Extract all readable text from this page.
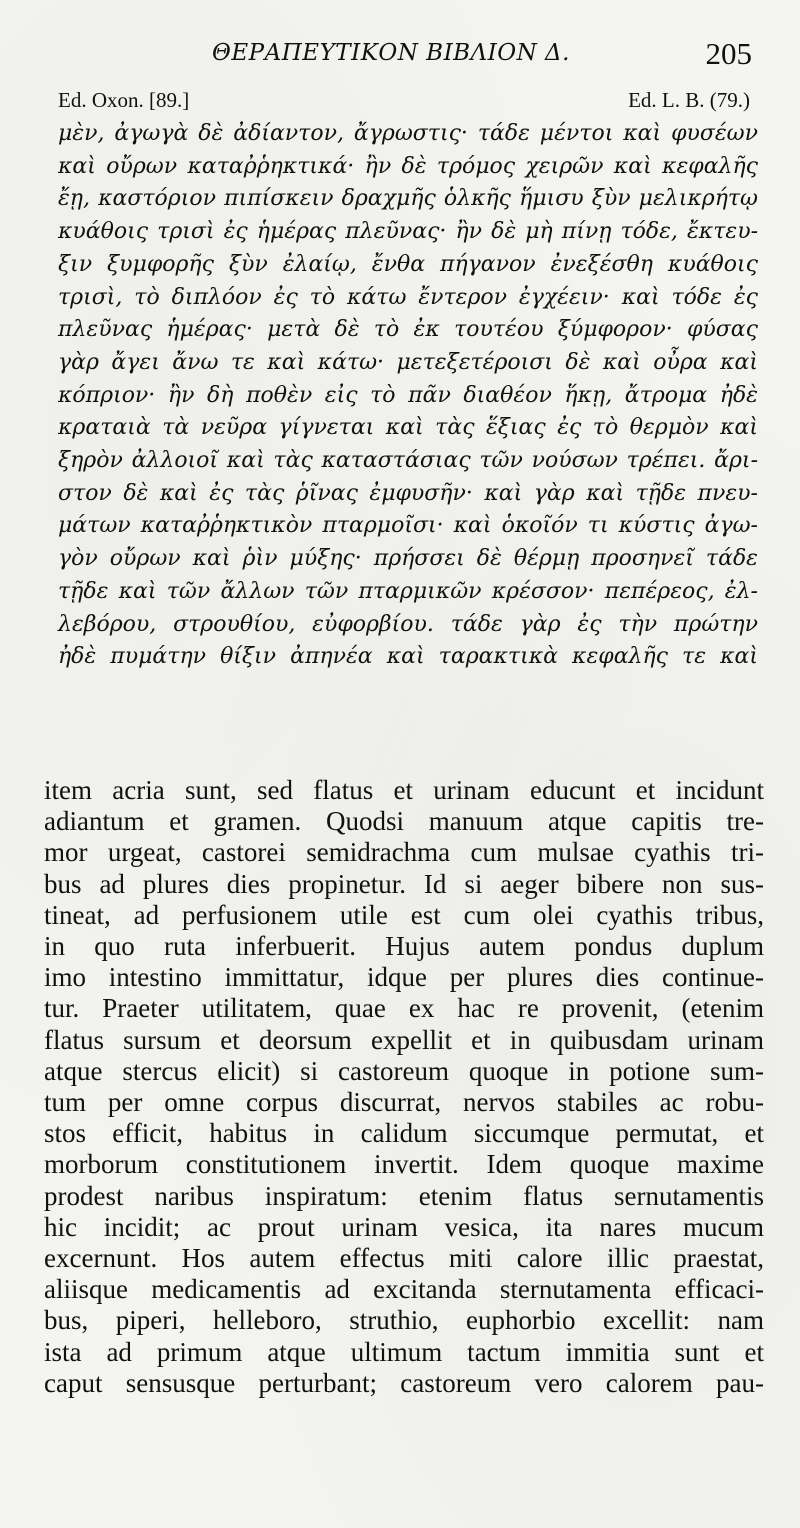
ΘΕΡΑΠΕΥΤΙΚΟΝ ΒΙΒΛΙΟΝ Δ.	205
Ed. Oxon. [89.]	Ed. L. B. (79.)
μὲν, ἀγωγὰ δὲ ἀδίαντον, ἄγρωστις· τάδε μέντοι καὶ φυσέων
καὶ οὔρων καταῤῥηκτικά· ἢν δὲ τρόμος χειρῶν καὶ κεφαλῆς
ἔῃ, καστόριον πιπίσκειν δραχμῆς ὁλκῆς ἥμισυ ξὺν μελικρήτῳ
κυάθοις τρισὶ ἐς ἡμέρας πλεῦνας· ἢν δὲ μὴ πίνῃ τόδε, ἔκτευ-
ξιν ξυμφορῆς ξὺν ἐλαίῳ, ἔνθα πήγανον ἐνεξέσθη κυάθοις
τρισὶ, τὸ διπλόον ἐς τὸ κάτω ἔντερον ἐγχέειν· καὶ τόδε ἐς
πλεῦνας ἡμέρας· μετὰ δὲ τὸ ἐκ τουτέου ξύμφορον· φύσας
γὰρ ἄγει ἄνω τε καὶ κάτω· μετεξετέροισι δὲ καὶ οὖρα καὶ
κόπριον· ἢν δὴ ποθὲν εἰς τὸ πᾶν διαθέον ἥκῃ, ἄτρομα ἠδὲ
κραταιὰ τὰ νεῦρα γίγνεται καὶ τὰς ἕξιας ἐς τὸ θερμὸν καὶ
ξηρὸν ἀλλοιοῖ καὶ τὰς καταστάσιας τῶν νούσων τρέπει. ἄρι-
στον δὲ καὶ ἐς τὰς ῥῖνας ἐμφυσῆν· καὶ γὰρ καὶ τῇδε πνευ-
μάτων καταῤῥηκτικὸν πταρμοῖσι· καὶ ὁκοῖόν τι κύστις ἀγω-
γὸν οὔρων καὶ ῥὶν μύξης· πρήσσει δὲ θέρμῃ προσηνεῖ τάδε
τῇδε καὶ τῶν ἄλλων τῶν πταρμικῶν κρέσσον· πεπέρεος, ἐλ-
λεβόρου, στρουθίου, εὐφορβίου. τάδε γὰρ ἐς τὴν πρώτην
ἠδὲ πυμάτην θίξιν ἀπηνέα καὶ ταρακτικὰ κεφαλῆς τε καὶ
item acria sunt, sed flatus et urinam educunt et incidunt
adiantum et gramen. Quodsi manuum atque capitis tre-
mor urgeat, castorei semidrachma cum mulsae cyathis tri-
bus ad plures dies propinetur. Id si aeger bibere non sus-
tineat, ad perfusionem utile est cum olei cyathis tribus,
in quo ruta inferbuerit. Hujus autem pondus duplum
imo intestino immittatur, idque per plures dies continue-
tur. Praeter utilitatem, quae ex hac re provenit, (etenim
flatus sursum et deorsum expellit et in quibusdam urinam
atque stercus elicit) si castoreum quoque in potione sum-
tum per omne corpus discurrat, nervos stabiles ac robu-
stos efficit, habitus in calidum siccumque permutat, et
morborum constitutionem invertit. Idem quoque maxime
prodest naribus inspiratum: etenim flatus sernutamentis
hic incidit; ac prout urinam vesica, ita nares mucum
excernunt. Hos autem effectus miti calore illic praestat,
aliisque medicamentis ad excitanda sternutamenta efficaci-
bus, piperi, helleboro, struthio, euphorbio excellit: nam
ista ad primum atque ultimum tactum immitia sunt et
caput sensusque perturbant; castoreum vero calorem pau-
